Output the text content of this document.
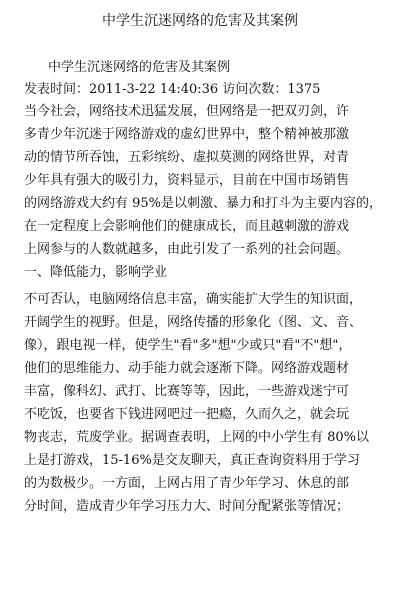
中学生沉迷网络的危害及其案例
中学生沉迷网络的危害及其案例
发表时间：2011-3-22 14:40:36 访问次数：1375
当今社会，网络技术迅猛发展，但网络是一把双刃剑，许
多青少年沉迷于网络游戏的虚幻世界中，整个精神被那激
动的情节所吞蚀，五彩缤纷、虚拟莫测的网络世界，对青
少年具有强大的吸引力，资料显示，目前在中国市场销售
的网络游戏大约有 95%是以刺激、暴力和打斗为主要内容的，
在一定程度上会影响他们的健康成长，而且越刺激的游戏
上网参与的人数就越多，由此引发了一系列的社会问题。
一、降低能力，影响学业
不可否认，电脑网络信息丰富，确实能扩大学生的知识面，
开阔学生的视野。但是，网络传播的形象化（图、文、音、
像），跟电视一样，使学生"看"多"想"少或只"看"不"想"，
他们的思维能力、动手能力就会逐渐下降。网络游戏题材
丰富，像科幻、武打、比赛等等，因此，一些游戏迷宁可
不吃饭，也要省下钱进网吧过一把瘾，久而久之，就会玩
物丧志，荒废学业。据调查表明，上网的中小学生有 80%以
上是打游戏，15-16%是交友聊天，真正查询资料用于学习
的为数极少。一方面，上网占用了青少年学习、休息的部
分时间，造成青少年学习压力大、时间分配紧张等情况；
